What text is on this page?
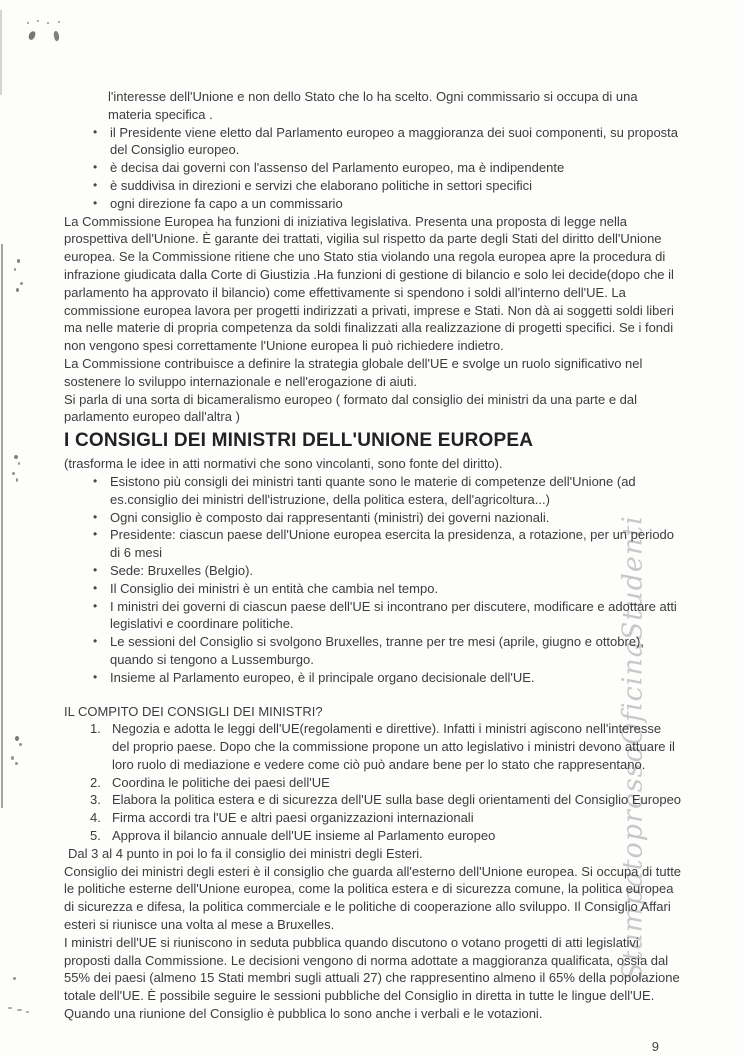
StampatopressoOficinaStudenti

l'interesse dell'Unione e non dello Stato che lo ha scelto. Ogni commissario si occupa di una materia specifica .

• il Presidente viene eletto dal Parlamento europeo a maggioranza dei suoi componenti, su proposta del Consiglio europeo.
• è decisa dai governi con l'assenso del Parlamento europeo, ma è indipendente
• è suddivisa in direzioni e servizi che elaborano politiche in settori specifici
• ogni direzione fa capo a un commissario

La Commissione Europea ha funzioni di iniziativa legislativa. Presenta una proposta di legge nella prospettiva dell'Unione. È garante dei trattati, vigilia sul rispetto da parte degli Stati del diritto dell'Unione europea. Se la Commissione ritiene che uno Stato stia violando una regola europea apre la procedura di infrazione giudicata dalla Corte di Giustizia .Ha funzioni di gestione di bilancio e solo lei decide(dopo che il parlamento ha approvato il bilancio) come effettivamente si spendono i soldi all'interno dell'UE. La commissione europea lavora per progetti indirizzati a privati, imprese e Stati. Non dà ai soggetti soldi liberi ma nelle materie di propria competenza da soldi finalizzati alla realizzazione di progetti specifici. Se i fondi non vengono spesi correttamente l'Unione europea li può richiedere indietro.

La Commissione contribuisce a definire la strategia globale dell'UE e svolge un ruolo significativo nel sostenere lo sviluppo internazionale e nell'erogazione di aiuti.

Si parla di una sorta di bicameralismo europeo ( formato dal consiglio dei ministri da una parte e dal parlamento europeo dall'altra )

I CONSIGLI DEI MINISTRI DELL'UNIONE EUROPEA

(trasforma le idee in atti normativi che sono vincolanti, sono fonte del diritto).

• Esistono più consigli dei ministri tanti quante sono le materie di competenze dell'Unione (ad es.consiglio dei ministri dell'istruzione, della politica estera, dell'agricoltura...)
• Ogni consiglio è composto dai rappresentanti (ministri) dei governi nazionali.
• Presidente: ciascun paese dell'Unione europea esercita la presidenza, a rotazione, per un periodo di 6 mesi
• Sede: Bruxelles (Belgio).
• Il Consiglio dei ministri è un entità che cambia nel tempo.
• I ministri dei governi di ciascun paese dell'UE si incontrano per discutere, modificare e adottare atti legislativi e coordinare politiche.
• Le sessioni del Consiglio si svolgono Bruxelles, tranne per tre mesi (aprile, giugno e ottobre), quando si tengono a Lussemburgo.
• Insieme al Parlamento europeo, è il principale organo decisionale dell'UE.

IL COMPITO DEI CONSIGLI DEI MINISTRI?

1. Negozia e adotta le leggi dell'UE(regolamenti e direttive). Infatti i ministri agiscono nell'interesse del proprio paese. Dopo che la commissione propone un atto legislativo i ministri devono attuare il loro ruolo di mediazione e vedere come ciò può andare bene per lo stato che rappresentano.
2. Coordina le politiche dei paesi dell'UE
3. Elabora la politica estera e di sicurezza dell'UE sulla base degli orientamenti del Consiglio Europeo
4. Firma accordi tra l'UE e altri paesi organizzazioni internazionali
5. Approva il bilancio annuale dell'UE insieme al Parlamento europeo

Dal 3 al 4 punto in poi lo fa il consiglio dei ministri degli Esteri.

Consiglio dei ministri degli esteri è il consiglio che guarda all'esterno dell'Unione europea. Si occupa di tutte le politiche esterne dell'Unione europea, come la politica estera e di sicurezza comune, la politica europea di sicurezza e difesa, la politica commerciale e le politiche di cooperazione allo sviluppo. Il Consiglio Affari esteri si riunisce una volta al mese a Bruxelles.

I ministri dell'UE si riuniscono in seduta pubblica quando discutono o votano progetti di atti legislativi proposti dalla Commissione. Le decisioni vengono di norma adottate a maggioranza qualificata, ossia dal 55% dei paesi (almeno 15 Stati membri sugli attuali 27) che rappresentino almeno il 65% della popolazione totale dell'UE. È possibile seguire le sessioni pubbliche del Consiglio in diretta in tutte le lingue dell'UE. Quando una riunione del Consiglio è pubblica lo sono anche i verbali e le votazioni.

9
